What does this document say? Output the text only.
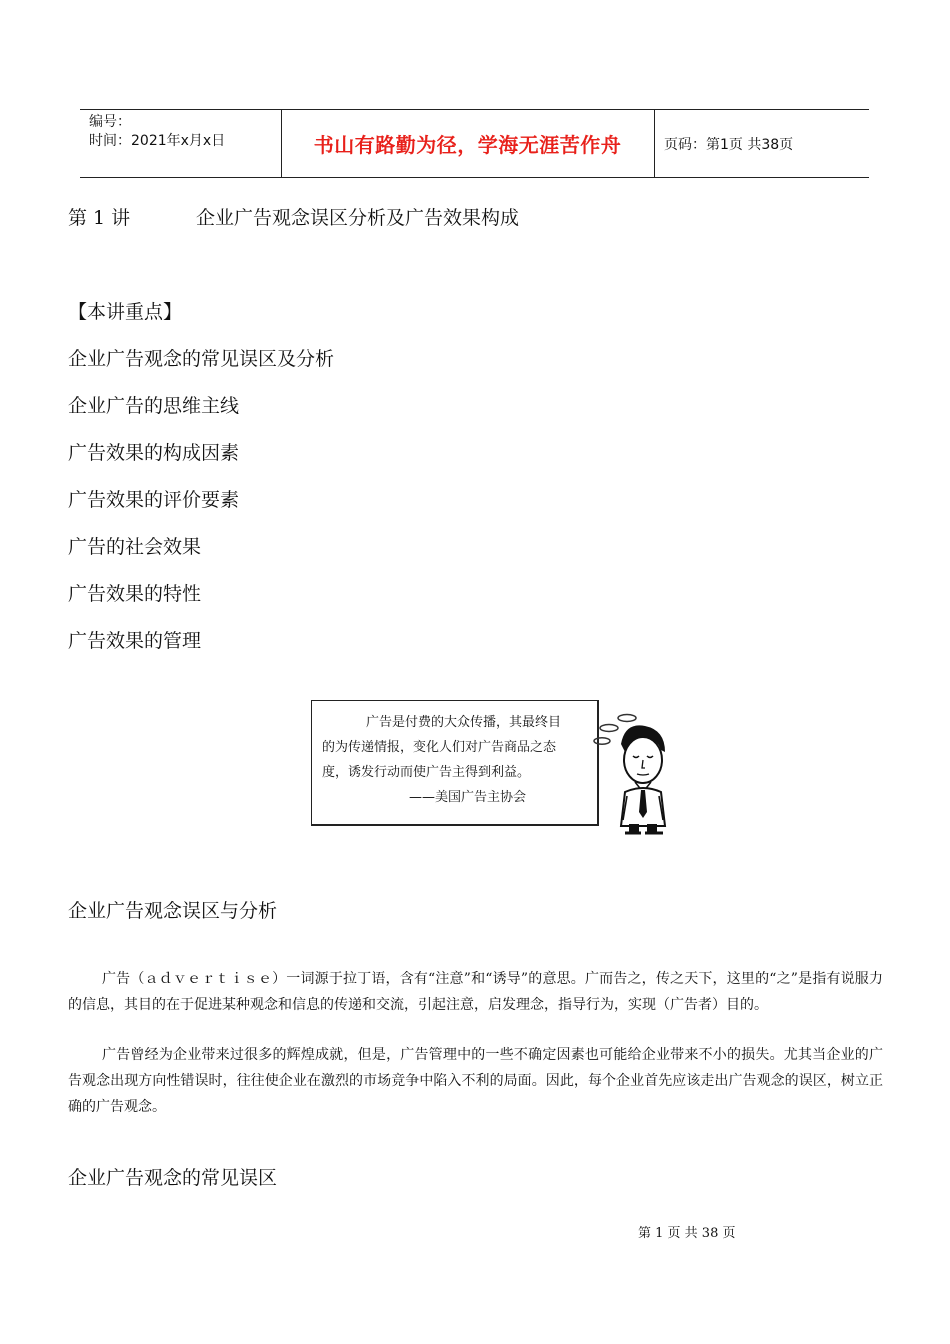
编号：
时间：2021年x月x日	书山有路勤为径，学海无涯苦作舟	页码：第1页 共38页
第 1 讲	企业广告观念误区分析及广告效果构成
【本讲重点】
企业广告观念的常见误区及分析
企业广告的思维主线
广告效果的构成因素
广告效果的评价要素
广告的社会效果
广告效果的特性
广告效果的管理
广告是付费的大众传播，其最终目
的为传递情报，变化人们对广告商品之态
度，诱发行动而使广告主得到利益。
——美国广告主协会
企业广告观念误区与分析
广告（ａｄｖｅｒｔｉｓｅ）一词源于拉丁语，含有“注意”和“诱导”的意思。广而告之，传之天下，这里的“之”是指有说服力的信息，其目的在于促进某种观念和信息的传递和交流，引起注意，启发理念，指导行为，实现（广告者）目的。
广告曾经为企业带来过很多的辉煌成就，但是，广告管理中的一些不确定因素也可能给企业带来不小的损失。尤其当企业的广告观念出现方向性错误时，往往使企业在激烈的市场竞争中陷入不利的局面。因此，每个企业首先应该走出广告观念的误区，树立正确的广告观念。
企业广告观念的常见误区
第 1 页 共 38 页
